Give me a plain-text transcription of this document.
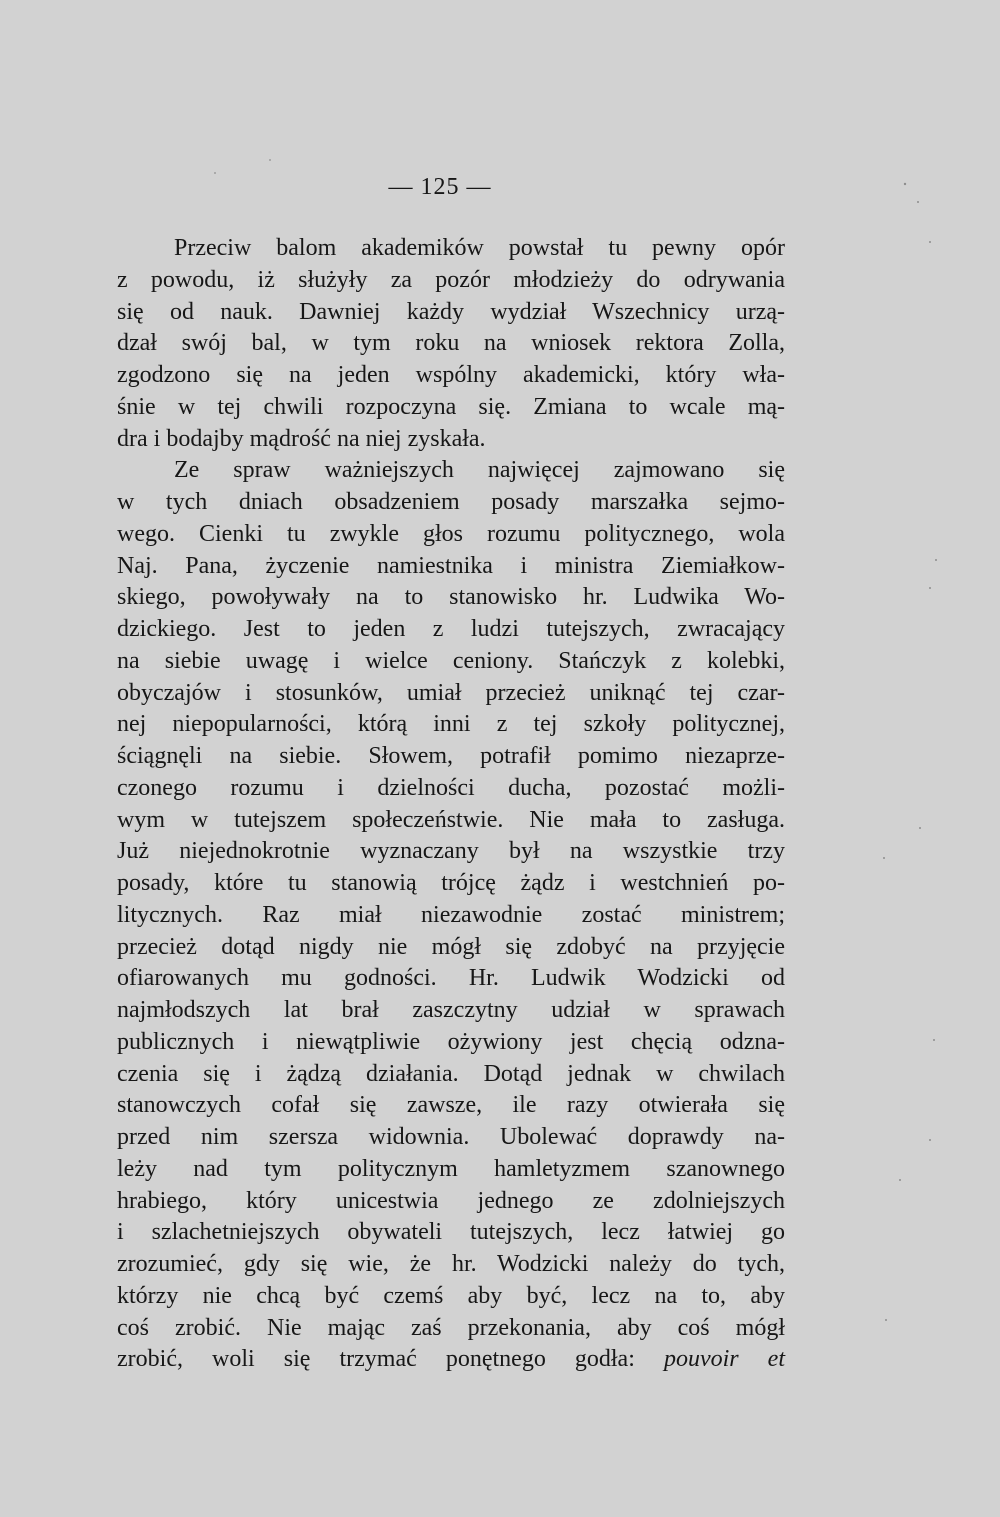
— 125 —
Przeciw balom akademików powstał tu pewny opór
z powodu, iż służyły za pozór młodzieży do odrywania
się od nauk. Dawniej każdy wydział Wszechnicy urzą-
dzał swój bal, w tym roku na wniosek rektora Zolla,
zgodzono się na jeden wspólny akademicki, który wła-
śnie w tej chwili rozpoczyna się. Zmiana to wcale mą-
dra i bodajby mądrość na niej zyskała.
Ze spraw ważniejszych najwięcej zajmowano się
w tych dniach obsadzeniem posady marszałka sejmo-
wego. Cienki tu zwykle głos rozumu politycznego, wola
Naj. Pana, życzenie namiestnika i ministra Ziemiałkow-
skiego, powoływały na to stanowisko hr. Ludwika Wo-
dzickiego. Jest to jeden z ludzi tutejszych, zwracający
na siebie uwagę i wielce ceniony. Stańczyk z kolebki,
obyczajów i stosunków, umiał przecież uniknąć tej czar-
nej niepopularności, którą inni z tej szkoły politycznej,
ściągnęli na siebie. Słowem, potrafił pomimo niezaprze-
czonego rozumu i dzielności ducha, pozostać możli-
wym w tutejszem społeczeństwie. Nie mała to zasługa.
Już niejednokrotnie wyznaczany był na wszystkie trzy
posady, które tu stanowią trójcę żądz i westchnień po-
litycznych. Raz miał niezawodnie zostać ministrem;
przecież dotąd nigdy nie mógł się zdobyć na przyjęcie
ofiarowanych mu godności. Hr. Ludwik Wodzicki od
najmłodszych lat brał zaszczytny udział w sprawach
publicznych i niewątpliwie ożywiony jest chęcią odzna-
czenia się i żądzą działania. Dotąd jednak w chwilach
stanowczych cofał się zawsze, ile razy otwierała się
przed nim szersza widownia. Ubolewać doprawdy na-
leży nad tym politycznym hamletyzmem szanownego
hrabiego, który unicestwia jednego ze zdolniejszych
i szlachetniejszych obywateli tutejszych, lecz łatwiej go
zrozumieć, gdy się wie, że hr. Wodzicki należy do tych,
którzy nie chcą być czemś aby być, lecz na to, aby
coś zrobić. Nie mając zaś przekonania, aby coś mógł
zrobić, woli się trzymać ponętnego godła: pouvoir et
